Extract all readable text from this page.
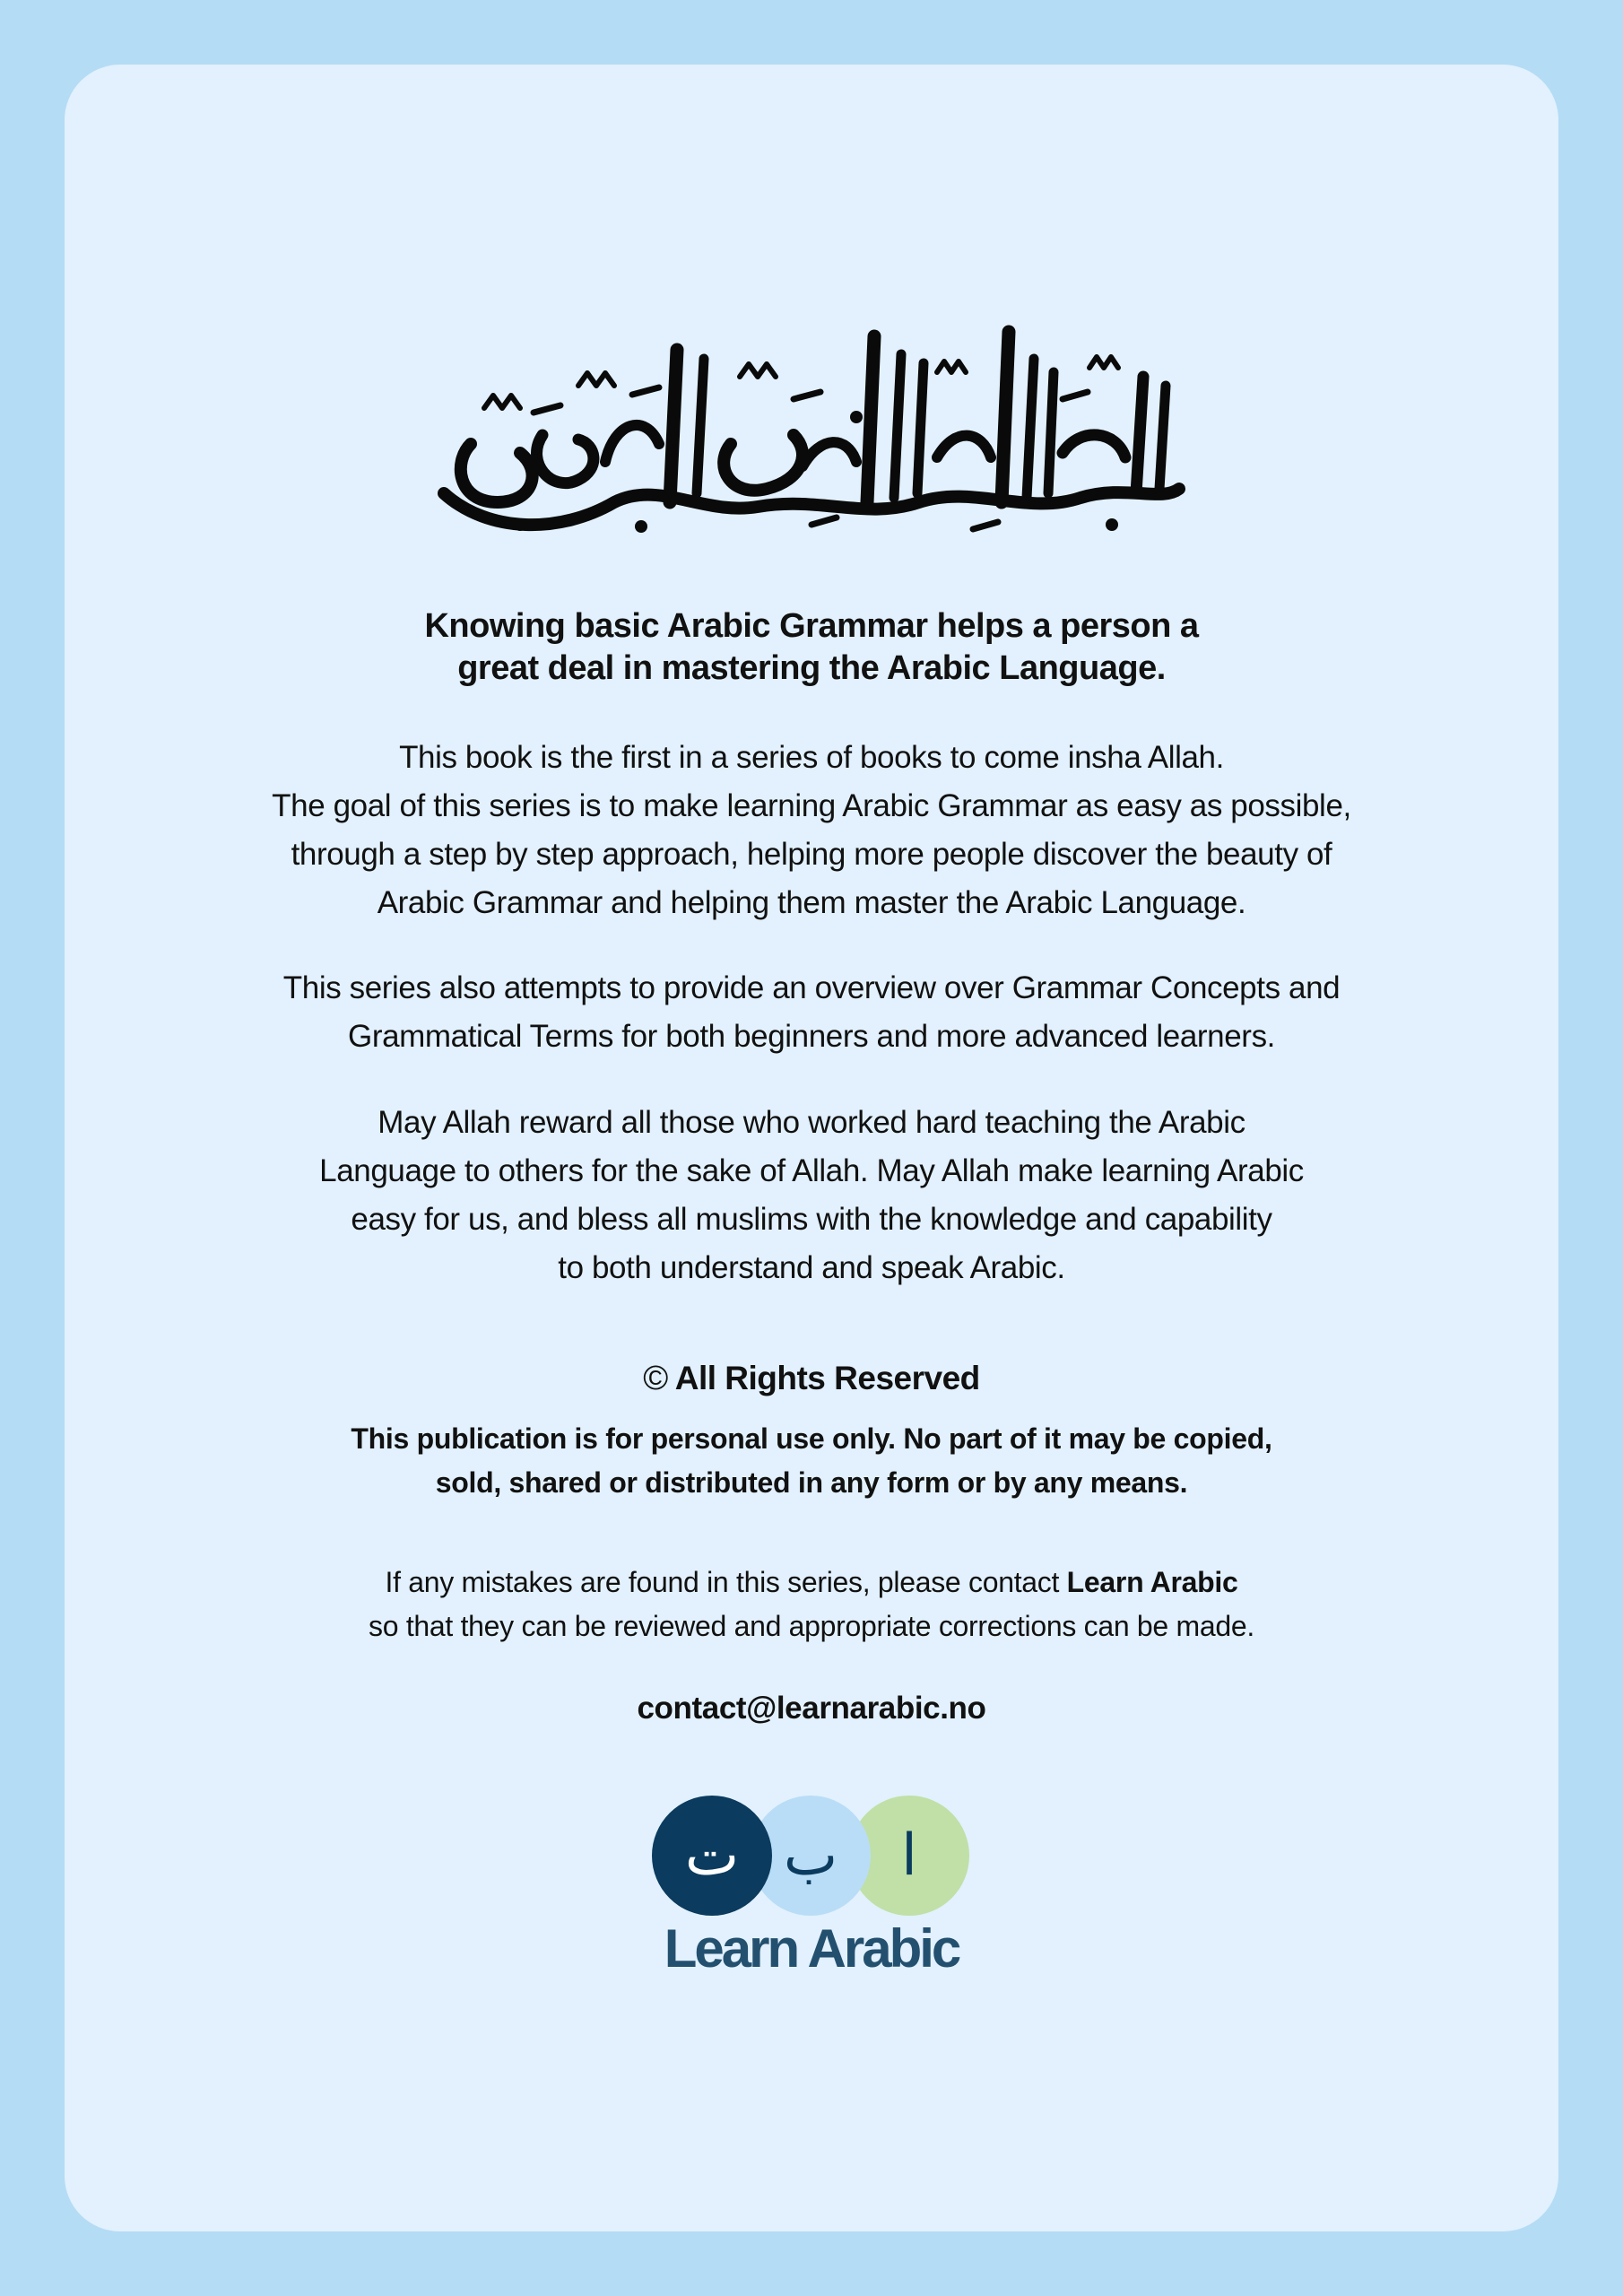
Knowing basic Arabic Grammar helps a person a
great deal in mastering the Arabic Language.
This book is the first in a series of books to come insha Allah.
The goal of this series is to make learning Arabic Grammar as easy as possible,
through a step by step approach, helping more people discover the beauty of
Arabic Grammar and helping them master the Arabic Language.
This series also attempts to provide an overview over Grammar Concepts and
Grammatical Terms for both beginners and more advanced learners.
May Allah reward all those who worked hard teaching the Arabic
Language to others for the sake of Allah. May Allah make learning Arabic
easy for us, and bless all muslims with the knowledge and capability
to both understand and speak Arabic.
© All Rights Reserved
This publication is for personal use only. No part of it may be copied,
sold, shared or distributed in any form or by any means.
If any mistakes are found in this series, please contact Learn Arabic
so that they can be reviewed and appropriate corrections can be made.
contact@learnarabic.no
ت ب	ا
Learn Arabic
